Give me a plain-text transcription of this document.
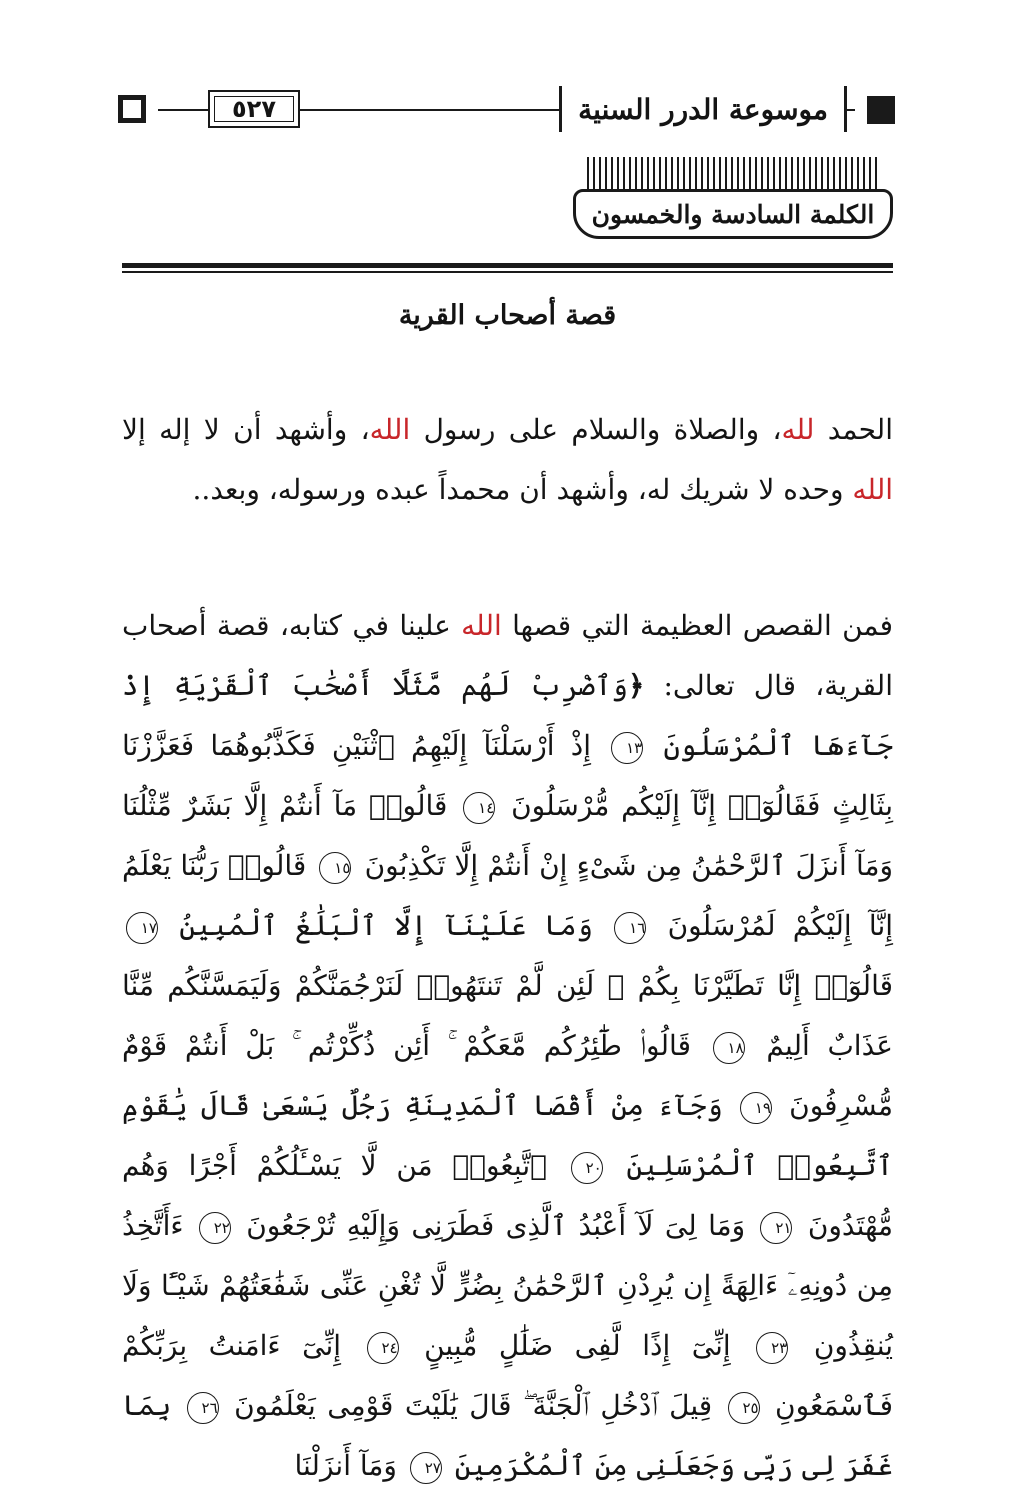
٥٢٧	موسوعة الدرر السنية
الكلمة السادسة والخمسون
قصة أصحاب القرية
الحمد لله، والصلاة والسلام على رسول الله، وأشهد أن لا إله إلا الله وحده لا شريك له، وأشهد أن محمداً عبده ورسوله، وبعد..
فمن القصص العظيمة التي قصها الله علينا في كتابه، قصة أصحاب القرية، قال تعالى: ﴿وَٱضْرِبْ لَهُم مَّثَلًا أَصْحَٰبَ ٱلْقَرْيَةِ إِذْ جَآءَهَا ٱلْمُرْسَلُونَ ١٣ إِذْ أَرْسَلْنَآ إِلَيْهِمُ ٱثْنَيْنِ فَكَذَّبُوهُمَا فَعَزَّزْنَا بِثَالِثٍ فَقَالُوٓا۟ إِنَّآ إِلَيْكُم مُّرْسَلُونَ ١٤ قَالُوا۟ مَآ أَنتُمْ إِلَّا بَشَرٌ مِّثْلُنَا وَمَآ أَنزَلَ ٱلرَّحْمَٰنُ مِن شَىْءٍ إِنْ أَنتُمْ إِلَّا تَكْذِبُونَ ١٥ قَالُوا۟ رَبُّنَا يَعْلَمُ إِنَّآ إِلَيْكُمْ لَمُرْسَلُونَ ١٦ وَمَا عَلَيْنَآ إِلَّا ٱلْبَلَٰغُ ٱلْمُبِينُ ١٧ قَالُوٓا۟ إِنَّا تَطَيَّرْنَا بِكُمْ ۖ لَئِن لَّمْ تَنتَهُوا۟ لَنَرْجُمَنَّكُمْ وَلَيَمَسَّنَّكُم مِّنَّا عَذَابٌ أَلِيمٌ ١٨ قَالُوا۟ طَٰٓئِرُكُم مَّعَكُمْ ۚ أَئِن ذُكِّرْتُم ۚ بَلْ أَنتُمْ قَوْمٌ مُّسْرِفُونَ ١٩ وَجَآءَ مِنْ أَقْصَا ٱلْمَدِينَةِ رَجُلٌ يَسْعَىٰ قَالَ يَٰقَوْمِ ٱتَّبِعُوا۟ ٱلْمُرْسَلِينَ ٢٠ ٱتَّبِعُوا۟ مَن لَّا يَسْـَٔلُكُمْ أَجْرًا وَهُم مُّهْتَدُونَ ٢١ وَمَا لِىَ لَآ أَعْبُدُ ٱلَّذِى فَطَرَنِى وَإِلَيْهِ تُرْجَعُونَ ٢٢ ءَأَتَّخِذُ مِن دُونِهِۦٓ ءَالِهَةً إِن يُرِدْنِ ٱلرَّحْمَٰنُ بِضُرٍّ لَّا تُغْنِ عَنِّى شَفَٰعَتُهُمْ شَيْـًٔا وَلَا يُنقِذُونِ ٢٣ إِنِّىٓ إِذًا لَّفِى ضَلَٰلٍ مُّبِينٍ ٢٤ إِنِّىٓ ءَامَنتُ بِرَبِّكُمْ فَٱسْمَعُونِ ٢٥ قِيلَ ٱدْخُلِ ٱلْجَنَّةَ ۖ قَالَ يَٰلَيْتَ قَوْمِى يَعْلَمُونَ ٢٦ بِمَا غَفَرَ لِى رَبِّى وَجَعَلَنِى مِنَ ٱلْمُكْرَمِينَ ٢٧ وَمَآ أَنزَلْنَا
